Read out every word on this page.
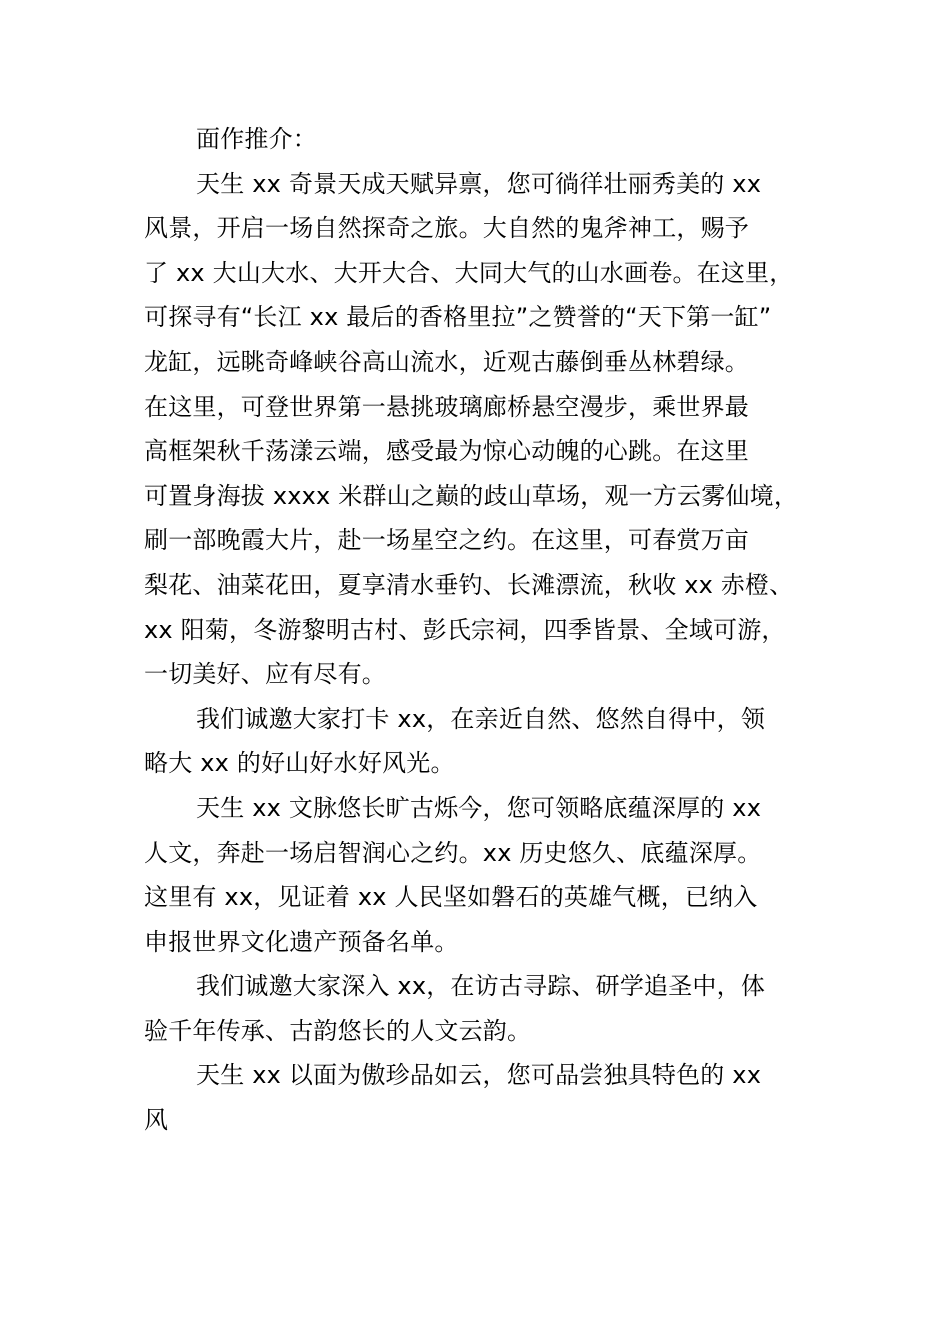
面作推介：
天生 xx 奇景天成天赋异禀，您可徜徉壮丽秀美的 xx
风景，开启一场自然探奇之旅。大自然的鬼斧神工，赐予
了 xx 大山大水、大开大合、大同大气的山水画卷。在这里，
可探寻有“长江 xx 最后的香格里拉”之赞誉的“天下第一缸”
龙缸，远眺奇峰峡谷高山流水，近观古藤倒垂丛林碧绿。
在这里，可登世界第一悬挑玻璃廊桥悬空漫步，乘世界最
高框架秋千荡漾云端，感受最为惊心动魄的心跳。在这里
可置身海拔 xxxx 米群山之巅的歧山草场，观一方云雾仙境，
刷一部晚霞大片，赴一场星空之约。在这里，可春赏万亩
梨花、油菜花田，夏享清水垂钓、长滩漂流，秋收 xx 赤橙、
xx 阳菊，冬游黎明古村、彭氏宗祠，四季皆景、全域可游，
一切美好、应有尽有。
我们诚邀大家打卡 xx，在亲近自然、悠然自得中，领
略大 xx 的好山好水好风光。
天生 xx 文脉悠长旷古烁今，您可领略底蕴深厚的 xx
人文，奔赴一场启智润心之约。xx 历史悠久、底蕴深厚。
这里有 xx，见证着 xx 人民坚如磐石的英雄气概，已纳入
申报世界文化遗产预备名单。
我们诚邀大家深入 xx，在访古寻踪、研学追圣中，体
验千年传承、古韵悠长的人文云韵。
天生 xx 以面为傲珍品如云，您可品尝独具特色的 xx
风
